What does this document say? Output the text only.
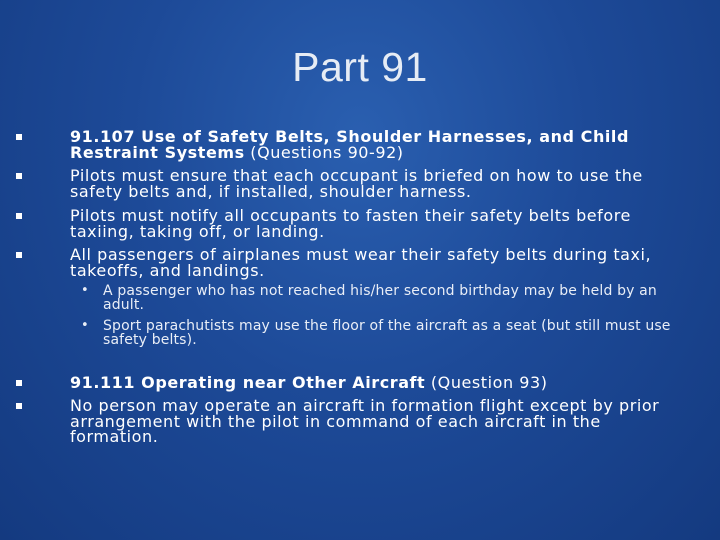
Part 91
91.107 Use of Safety Belts, Shoulder Harnesses, and Child Restraint Systems (Questions 90-92)
Pilots must ensure that each occupant is briefed on how to use the safety belts and, if installed, shoulder harness.
Pilots must notify all occupants to fasten their safety belts before taxiing, taking off, or landing.
All passengers of airplanes must wear their safety belts during taxi, takeoffs, and landings.
• A passenger who has not reached his/her second birthday may be held by an adult.
• Sport parachutists may use the floor of the aircraft as a seat (but still must use safety belts).
91.111 Operating near Other Aircraft (Question 93)
No person may operate an aircraft in formation flight except by prior arrangement with the pilot in command of each aircraft in the formation.
